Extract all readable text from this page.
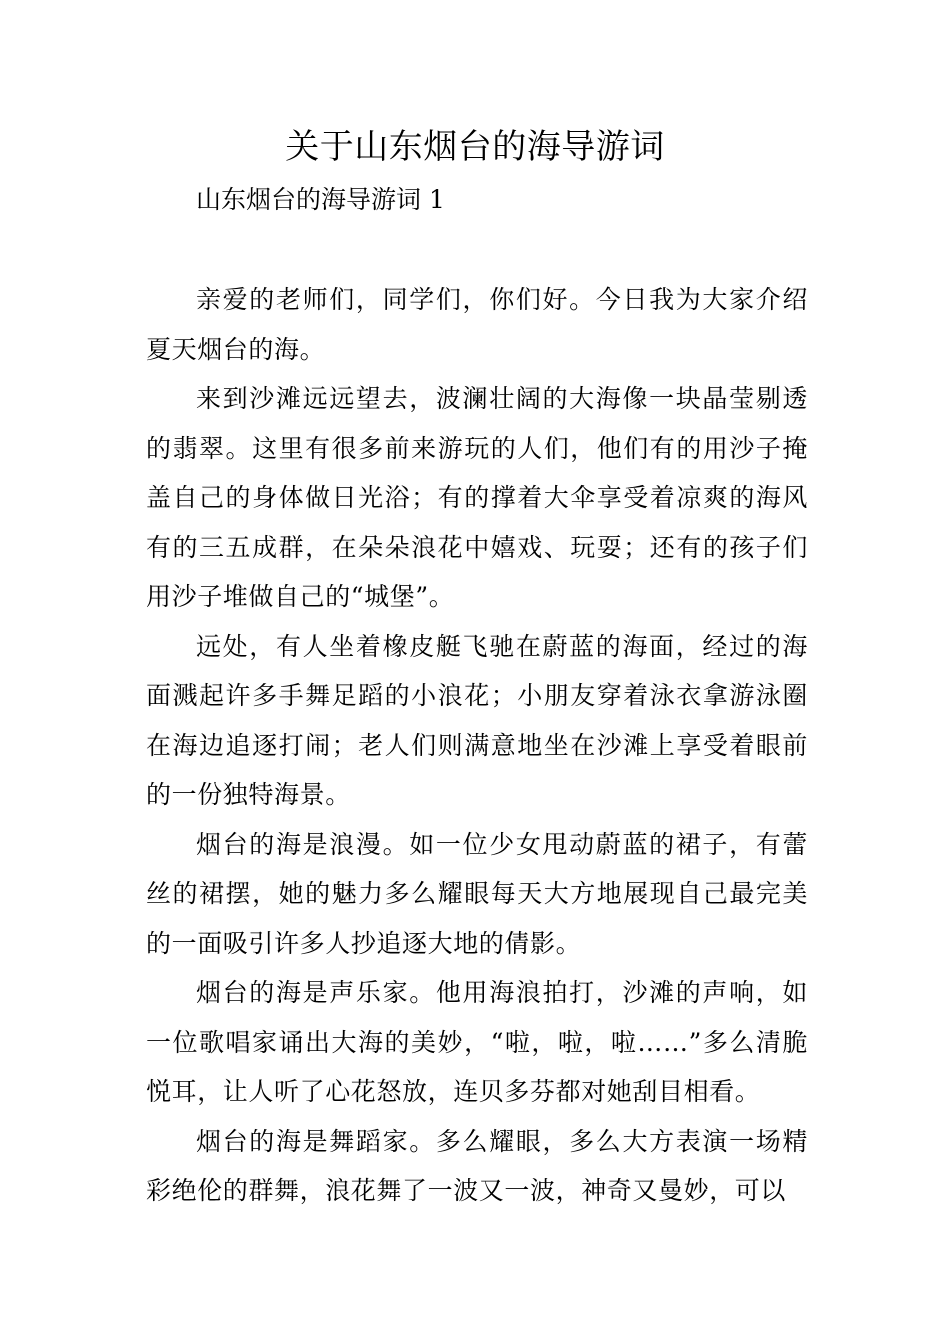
关于山东烟台的海导游词

山东烟台的海导游词 1

亲爱的老师们，同学们，你们好。今日我为大家介绍夏天烟台的海。

来到沙滩远远望去，波澜壮阔的大海像一块晶莹剔透的翡翠。这里有很多前来游玩的人们，他们有的用沙子掩盖自己的身体做日光浴；有的撑着大伞享受着凉爽的海风有的三五成群，在朵朵浪花中嬉戏、玩耍；还有的孩子们用沙子堆做自己的“城堡”。

远处，有人坐着橡皮艇飞驰在蔚蓝的海面，经过的海面溅起许多手舞足蹈的小浪花；小朋友穿着泳衣拿游泳圈在海边追逐打闹；老人们则满意地坐在沙滩上享受着眼前的一份独特海景。

烟台的海是浪漫。如一位少女甩动蔚蓝的裙子，有蕾丝的裙摆，她的魅力多么耀眼每天大方地展现自己最完美的一面吸引许多人抄追逐大地的倩影。

烟台的海是声乐家。他用海浪拍打，沙滩的声响，如一位歌唱家诵出大海的美妙，“啦，啦，啦……”多么清脆悦耳，让人听了心花怒放，连贝多芬都对她刮目相看。

烟台的海是舞蹈家。多么耀眼，多么大方表演一场精彩绝伦的群舞，浪花舞了一波又一波，神奇又曼妙，可以
